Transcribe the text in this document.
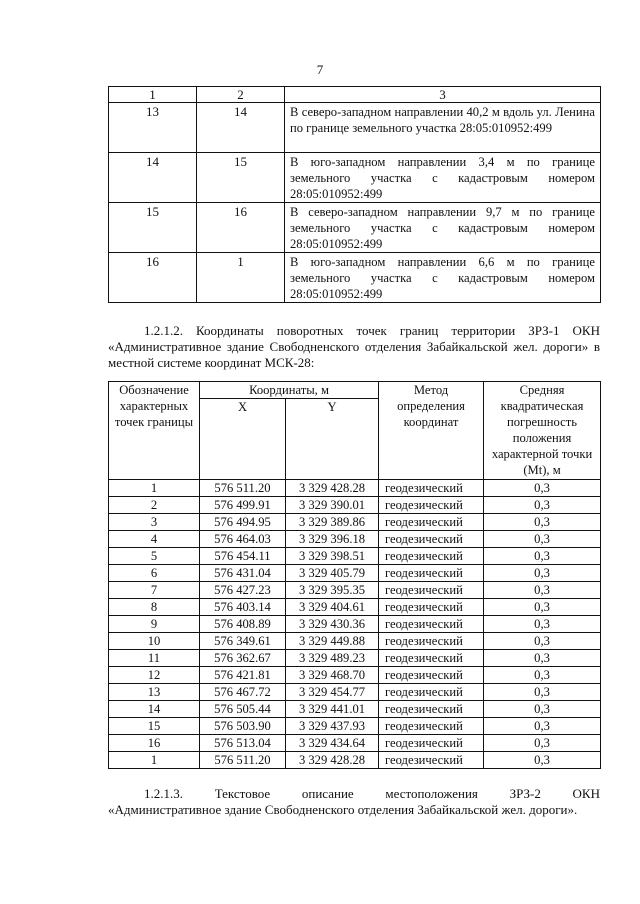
7
1	2	3
13	14	В северо-западном направлении 40,2 м вдоль ул. Ленина по границе земельного участка 28:05:010952:499
14	15	В юго-западном направлении 3,4 м по границе земельного участка с кадастровым номером 28:05:010952:499
15	16	В северо-западном направлении 9,7 м по границе земельного участка с кадастровым номером 28:05:010952:499
16	1	В юго-западном направлении 6,6 м по границе земельного участка с кадастровым номером 28:05:010952:499
1.2.1.2. Координаты поворотных точек границ территории ЗРЗ-1 ОКН
«Административное здание Свободненского отделения Забайкальской жел. дороги» в местной системе координат МСК-28:
Обозначение характерных точек границы	Координаты, м		Метод определения координат	Средняя квадратическая погрешность положения характерной точки (Mt), м
	X	Y		
1	576 511.20	3 329 428.28	геодезический	0,3
2	576 499.91	3 329 390.01	геодезический	0,3
3	576 494.95	3 329 389.86	геодезический	0,3
4	576 464.03	3 329 396.18	геодезический	0,3
5	576 454.11	3 329 398.51	геодезический	0,3
6	576 431.04	3 329 405.79	геодезический	0,3
7	576 427.23	3 329 395.35	геодезический	0,3
8	576 403.14	3 329 404.61	геодезический	0,3
9	576 408.89	3 329 430.36	геодезический	0,3
10	576 349.61	3 329 449.88	геодезический	0,3
11	576 362.67	3 329 489.23	геодезический	0,3
12	576 421.81	3 329 468.70	геодезический	0,3
13	576 467.72	3 329 454.77	геодезический	0,3
14	576 505.44	3 329 441.01	геодезический	0,3
15	576 503.90	3 329 437.93	геодезический	0,3
16	576 513.04	3 329 434.64	геодезический	0,3
1	576 511.20	3 329 428.28	геодезический	0,3
1.2.1.3. Текстовое описание местоположения ЗРЗ-2 ОКН
«Административное здание Свободненского отделения Забайкальской жел. дороги».
